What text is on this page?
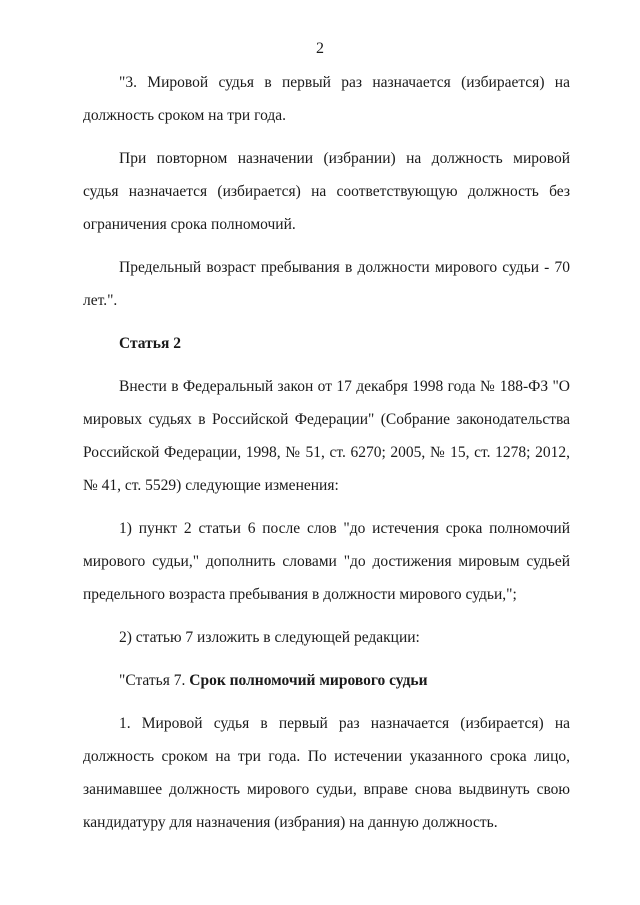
2

"3. Мировой судья в первый раз назначается (избирается) на должность сроком на три года.

При повторном назначении (избрании) на должность мировой судья назначается (избирается) на соответствующую должность без ограничения срока полномочий.

Предельный возраст пребывания в должности мирового судьи - 70 лет.".

Статья 2

Внести в Федеральный закон от 17 декабря 1998 года № 188-ФЗ "О мировых судьях в Российской Федерации" (Собрание законодательства Российской Федерации, 1998, № 51, ст. 6270; 2005, № 15, ст. 1278; 2012, № 41, ст. 5529) следующие изменения:

1) пункт 2 статьи 6 после слов "до истечения срока полномочий мирового судьи," дополнить словами "до достижения мировым судьей предельного возраста пребывания в должности мирового судьи,";

2) статью 7 изложить в следующей редакции:

"Статья 7. Срок полномочий мирового судьи

1. Мировой судья в первый раз назначается (избирается) на должность сроком на три года. По истечении указанного срока лицо, занимавшее должность мирового судьи, вправе снова выдвинуть свою кандидатуру для назначения (избрания) на данную должность.
